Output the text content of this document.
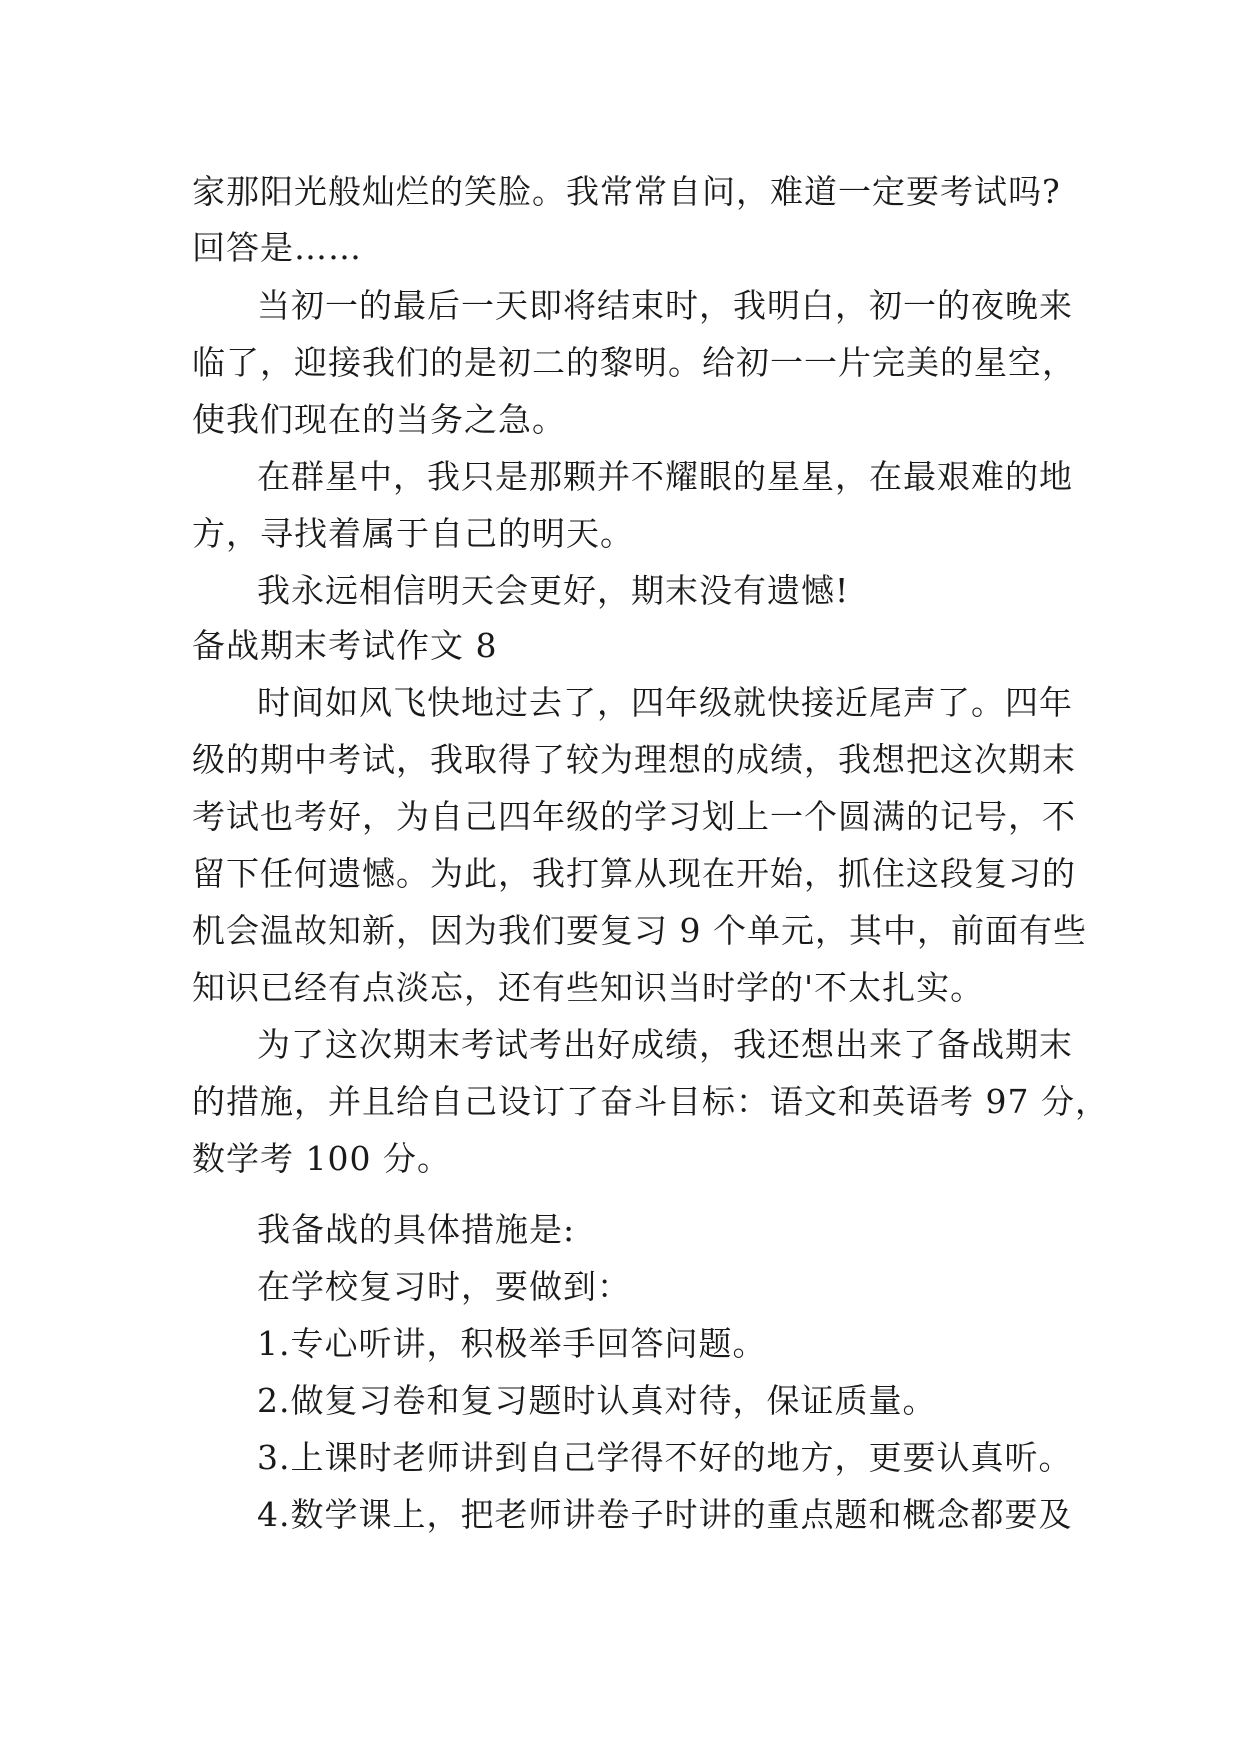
家那阳光般灿烂的笑脸。我常常自问，难道一定要考试吗?
回答是……
当初一的最后一天即将结束时，我明白，初一的夜晚来
临了，迎接我们的是初二的黎明。给初一一片完美的星空，
使我们现在的当务之急。
在群星中，我只是那颗并不耀眼的星星，在最艰难的地
方，寻找着属于自己的明天。
我永远相信明天会更好，期末没有遗憾!
备战期末考试作文 8
时间如风飞快地过去了，四年级就快接近尾声了。四年
级的期中考试，我取得了较为理想的成绩，我想把这次期末
考试也考好，为自己四年级的学习划上一个圆满的记号，不
留下任何遗憾。为此，我打算从现在开始，抓住这段复习的
机会温故知新，因为我们要复习 9 个单元，其中，前面有些
知识已经有点淡忘，还有些知识当时学的'不太扎实。
为了这次期末考试考出好成绩，我还想出来了备战期末
的措施，并且给自己设订了奋斗目标：语文和英语考 97 分，
数学考 100 分。
我备战的具体措施是:
在学校复习时，要做到：
1.专心听讲，积极举手回答问题。
2.做复习卷和复习题时认真对待，保证质量。
3.上课时老师讲到自己学得不好的地方，更要认真听。
4.数学课上，把老师讲卷子时讲的重点题和概念都要及
